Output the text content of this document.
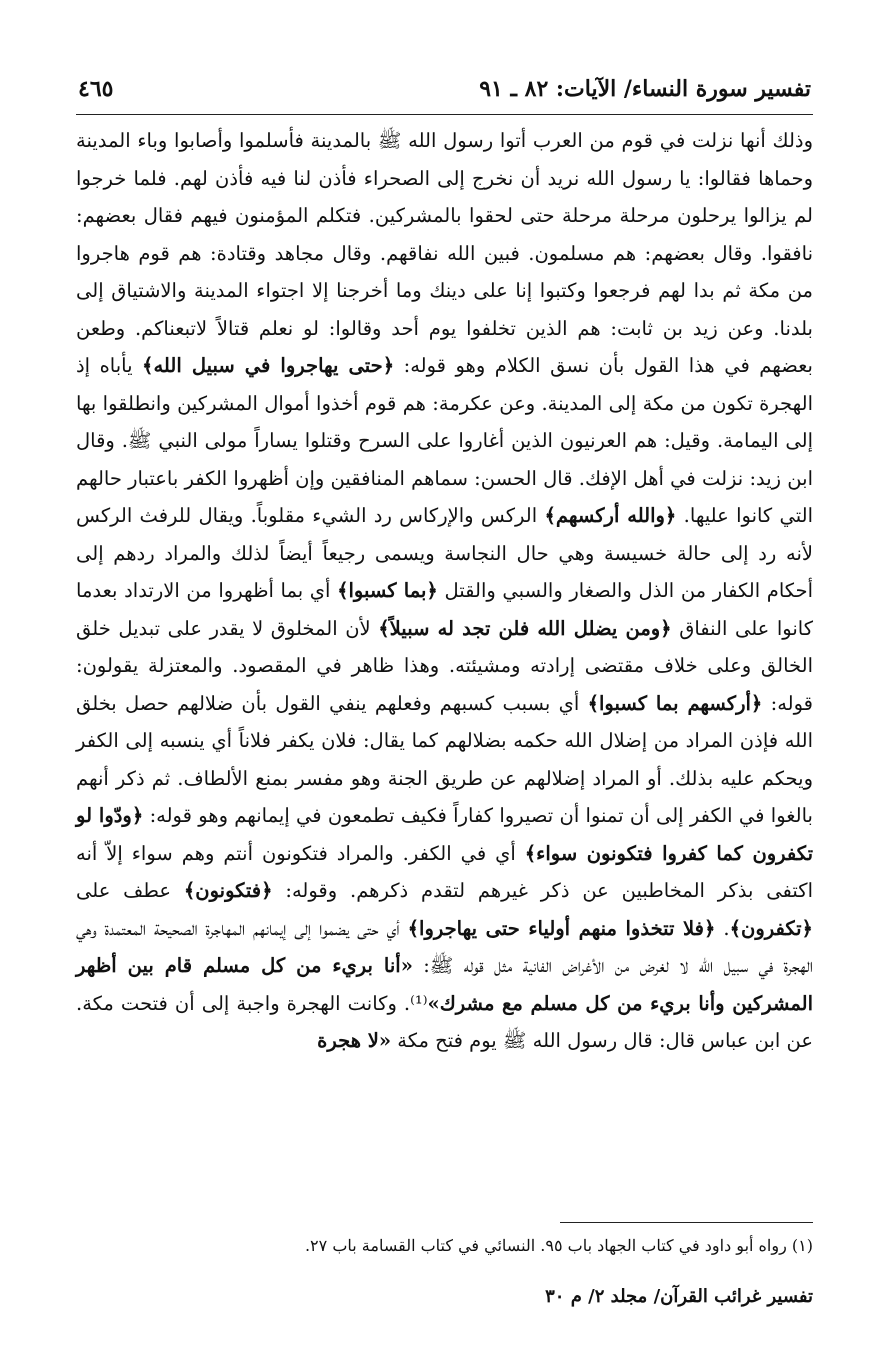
تفسير سورة النساء/ الآيات: ٨٢ ـ ٩١
٤٦٥

وذلك أنها نزلت في قوم من العرب أتوا رسول الله ﷺ بالمدينة فأسلموا وأصابوا وباء المدينة وحماها فقالوا: يا رسول الله نريد أن نخرج إلى الصحراء فأذن لنا فيه فأذن لهم. فلما خرجوا لم يزالوا يرحلون مرحلة مرحلة حتى لحقوا بالمشركين. فتكلم المؤمنون فيهم فقال بعضهم: نافقوا. وقال بعضهم: هم مسلمون. فبين الله نفاقهم. وقال مجاهد وقتادة: هم قوم هاجروا من مكة ثم بدا لهم فرجعوا وكتبوا إنا على دينك وما أخرجنا إلا اجتواء المدينة والاشتياق إلى بلدنا. وعن زيد بن ثابت: هم الذين تخلفوا يوم أحد وقالوا: لو نعلم قتالاً لاتبعناكم. وطعن بعضهم في هذا القول بأن نسق الكلام وهو قوله: ﴿حتى يهاجروا في سبيل الله﴾ يأباه إذ الهجرة تكون من مكة إلى المدينة. وعن عكرمة: هم قوم أخذوا أموال المشركين وانطلقوا بها إلى اليمامة. وقيل: هم العرنيون الذين أغاروا على السرح وقتلوا يساراً مولى النبي ﷺ. وقال ابن زيد: نزلت في أهل الإفك. قال الحسن: سماهم المنافقين وإن أظهروا الكفر باعتبار حالهم التي كانوا عليها. ﴿والله أركسهم﴾ الركس والإركاس رد الشيء مقلوباً. ويقال للرفث الركس لأنه رد إلى حالة خسيسة وهي حال النجاسة ويسمى رجيعاً أيضاً لذلك والمراد ردهم إلى أحكام الكفار من الذل والصغار والسبي والقتل ﴿بما كسبوا﴾ أي بما أظهروا من الارتداد بعدما كانوا على النفاق ﴿ومن يضلل الله فلن تجد له سبيلاً﴾ لأن المخلوق لا يقدر على تبديل خلق الخالق وعلى خلاف مقتضى إرادته ومشيئته. وهذا ظاهر في المقصود. والمعتزلة يقولون: قوله: ﴿أركسهم بما كسبوا﴾ أي بسبب كسبهم وفعلهم ينفي القول بأن ضلالهم حصل بخلق الله فإذن المراد من إضلال الله حكمه بضلالهم كما يقال: فلان يكفر فلاناً أي ينسبه إلى الكفر ويحكم عليه بذلك. أو المراد إضلالهم عن طريق الجنة وهو مفسر بمنع الألطاف. ثم ذكر أنهم بالغوا في الكفر إلى أن تمنوا أن تصيروا كفاراً فكيف تطمعون في إيمانهم وهو قوله: ﴿ودّوا لو تكفرون كما كفروا فتكونون سواء﴾ أي في الكفر. والمراد فتكونون أنتم وهم سواء إلاّ أنه اكتفى بذكر المخاطبين عن ذكر غيرهم لتقدم ذكرهم. وقوله: ﴿فتكونون﴾ عطف على ﴿تكفرون﴾. ﴿فلا تتخذوا منهم أولياء حتى يهاجروا﴾ أي حتى يضموا إلى إيمانهم المهاجرة الصحيحة المعتمدة وهي الهجرة في سبيل الله لا لغرض من الأغراض الفانية مثل قوله ﷺ: «أنا بريء من كل مسلم قام بين أظهر المشركين وأنا بريء من كل مسلم مع مشرك»⁽¹⁾. وكانت الهجرة واجبة إلى أن فتحت مكة. عن ابن عباس قال: قال رسول الله ﷺ يوم فتح مكة «لا هجرة

(١) رواه أبو داود في كتاب الجهاد باب ٩٥. النسائي في كتاب القسامة باب ٢٧.
تفسير غرائب القرآن/ مجلد ٢/ م ٣٠
